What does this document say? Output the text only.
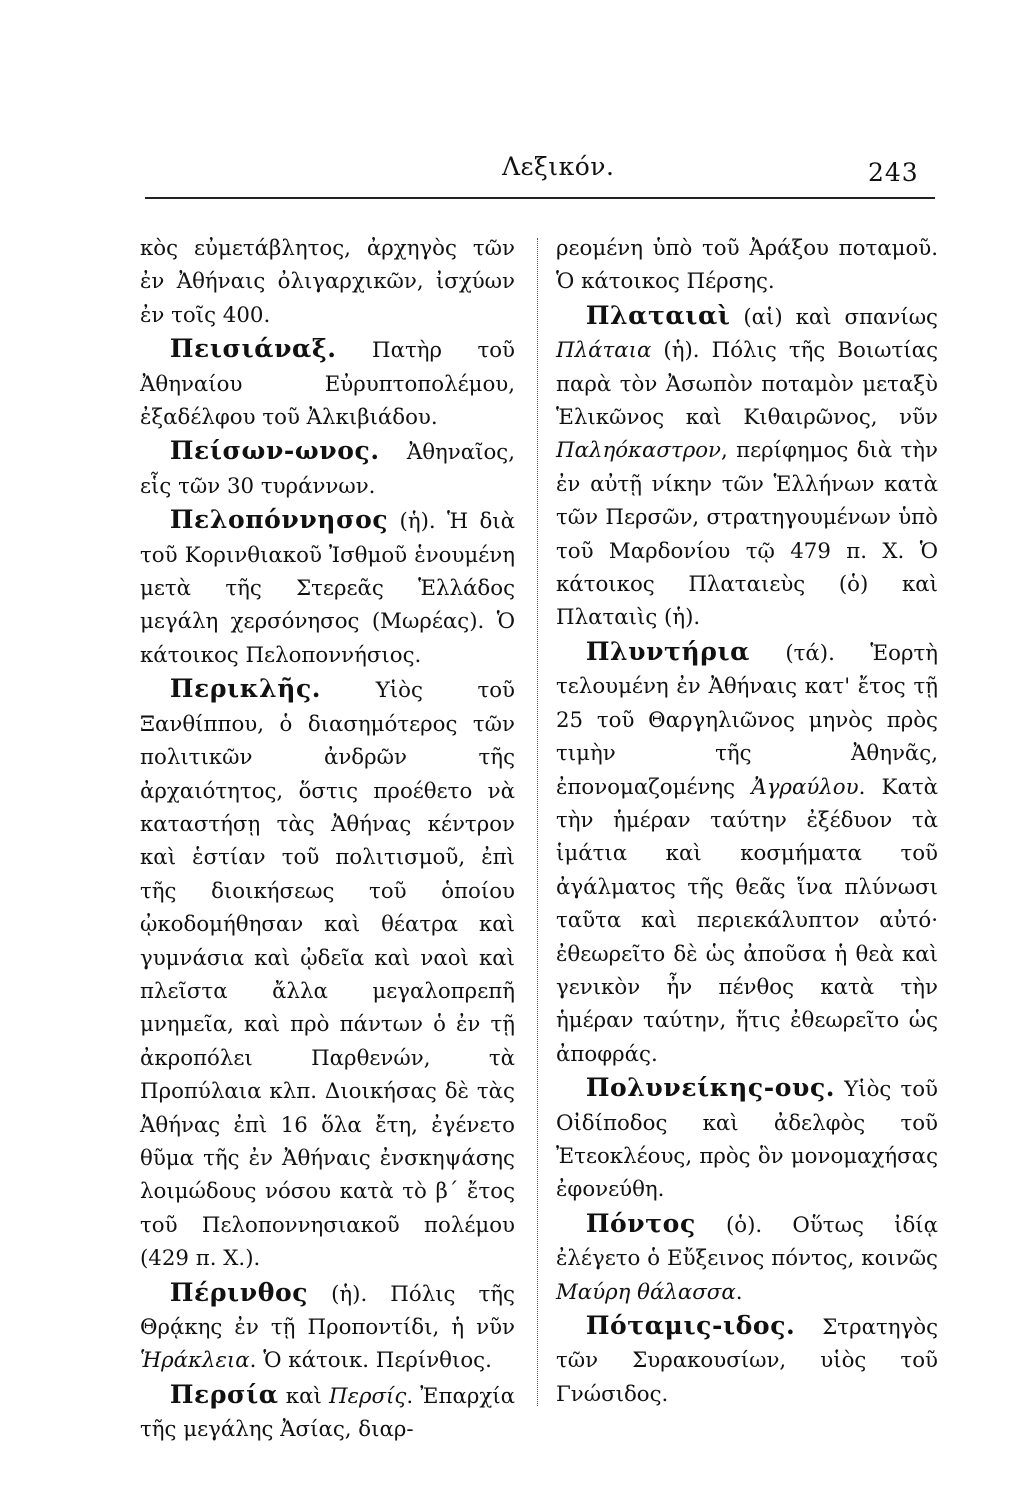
Λεξικόν.	243

κὸς εὐμετάβλητος, ἀρχηγὸς τῶν ἐν Ἀθήναις ὀλιγαρχικῶν, ἰσχύων ἐν τοῖς 400.

Πεισιάναξ. Πατὴρ τοῦ Ἀθηναίου Εὐρυπτοπολέμου, ἐξαδέλφου τοῦ Ἀλκιβιάδου.

Πείσων-ωνος. Ἀθηναῖος, εἷς τῶν 30 τυράννων.

Πελοπόννησος (ἡ). Ἡ διὰ τοῦ Κορινθιακοῦ Ἰσθμοῦ ἑνουμένη μετὰ τῆς Στερεᾶς Ἑλλάδος μεγάλη χερσόνησος (Μωρέας). Ὁ κάτοικος Πελοποννήσιος.

Περικλῆς. Υἱὸς τοῦ Ξανθίππου, ὁ διασημότερος τῶν πολιτικῶν ἀνδρῶν τῆς ἀρχαιότητος, ὅστις προέθετο νὰ καταστήσῃ τὰς Ἀθήνας κέντρον καὶ ἑστίαν τοῦ πολιτισμοῦ, ἐπὶ τῆς διοικήσεως τοῦ ὁποίου ᾠκοδομήθησαν καὶ θέατρα καὶ γυμνάσια καὶ ᾠδεῖα καὶ ναοὶ καὶ πλεῖστα ἄλλα μεγαλοπρεπῆ μνημεῖα, καὶ πρὸ πάντων ὁ ἐν τῇ ἀκροπόλει Παρθενών, τὰ Προπύλαια κλπ. Διοικήσας δὲ τὰς Ἀθήνας ἐπὶ 16 ὅλα ἔτη, ἐγένετο θῦμα τῆς ἐν Ἀθήναις ἐνσκηψάσης λοιμώδους νόσου κατὰ τὸ β΄ ἔτος τοῦ Πελοποννησιακοῦ πολέμου (429 π. Χ.).

Πέρινθος (ἡ). Πόλις τῆς Θρᾴκης ἐν τῇ Προποντίδι, ἡ νῦν Ἡράκλεια. Ὁ κάτοικ. Περίνθιος.

Περσία καὶ Περσίς. Ἐπαρχία τῆς μεγάλης Ἀσίας, διαρ-

ρεομένη ὑπὸ τοῦ Ἀράξου ποταμοῦ. Ὁ κάτοικος Πέρσης.

Πλαταιαὶ (αἱ) καὶ σπανίως Πλάταια (ἡ). Πόλις τῆς Βοιωτίας παρὰ τὸν Ἀσωπὸν ποταμὸν μεταξὺ Ἑλικῶνος καὶ Κιθαιρῶνος, νῦν Παληόκαστρον, περίφημος διὰ τὴν ἐν αὐτῇ νίκην τῶν Ἑλλήνων κατὰ τῶν Περσῶν, στρατηγουμένων ὑπὸ τοῦ Μαρδονίου τῷ 479 π. Χ. Ὁ κάτοικος Πλαταιεὺς (ὁ) καὶ Πλαταιὶς (ἡ).

Πλυντήρια (τά). Ἑορτὴ τελουμένη ἐν Ἀθήναις κατ' ἔτος τῇ 25 τοῦ Θαργηλιῶνος μηνὸς πρὸς τιμὴν τῆς Ἀθηνᾶς, ἐπονομαζομένης Ἀγραύλου. Κατὰ τὴν ἡμέραν ταύτην ἐξέδυον τὰ ἱμάτια καὶ κοσμήματα τοῦ ἀγάλματος τῆς θεᾶς ἵνα πλύνωσι ταῦτα καὶ περιεκάλυπτον αὐτό· ἐθεωρεῖτο δὲ ὡς ἀποῦσα ἡ θεὰ καὶ γενικὸν ἦν πένθος κατὰ τὴν ἡμέραν ταύτην, ἥτις ἐθεωρεῖτο ὡς ἀποφράς.

Πολυνείκης-ους. Υἱὸς τοῦ Οἰδίποδος καὶ ἀδελφὸς τοῦ Ἐτεοκλέους, πρὸς ὃν μονομαχήσας ἐφονεύθη.

Πόντος (ὁ). Οὕτως ἰδίᾳ ἐλέγετο ὁ Εὔξεινος πόντος, κοινῶς Μαύρη θάλασσα.

Πόταμις-ιδος. Στρατηγὸς τῶν Συρακουσίων, υἱὸς τοῦ Γνώσιδος.
